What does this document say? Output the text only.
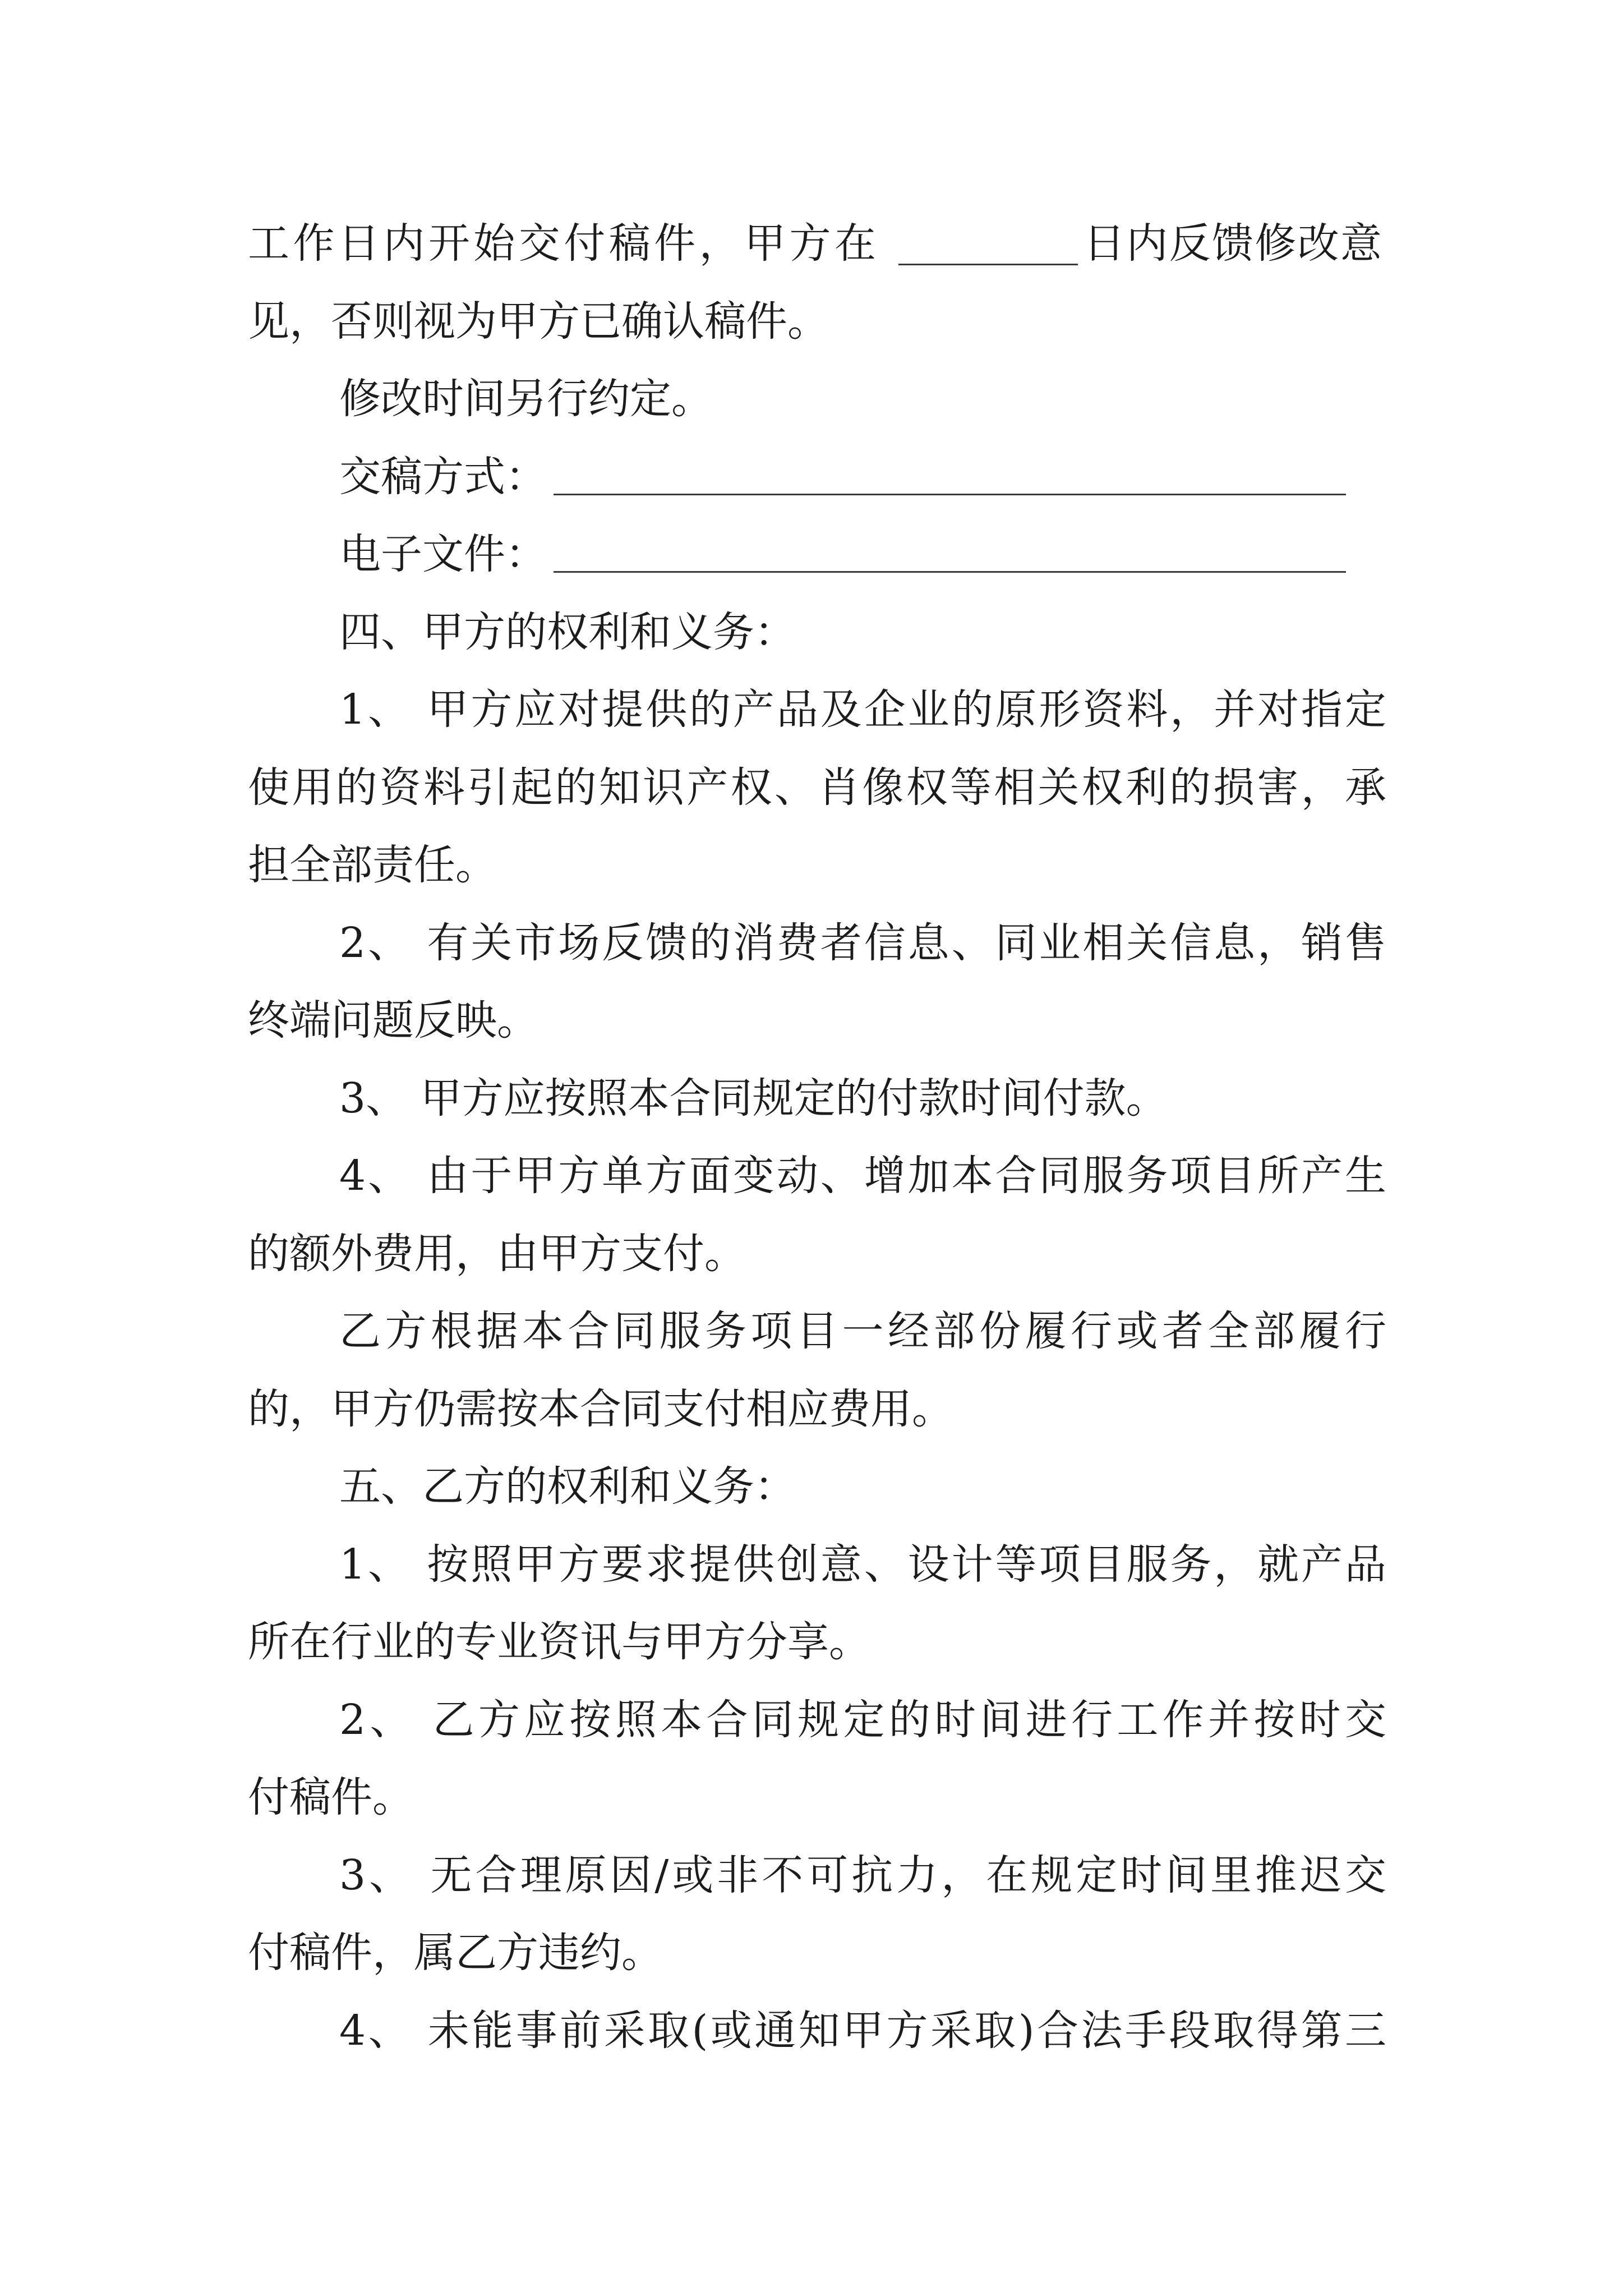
工作日内开始交付稿件，甲方在	日内反馈修改意
见，否则视为甲方已确认稿件。
修改时间另行约定。
交稿方式：
电子文件：
四、甲方的权利和义务：
1、 甲方应对提供的产品及企业的原形资料，并对指定
使用的资料引起的知识产权、肖像权等相关权利的损害，承
担全部责任。
2、 有关市场反馈的消费者信息、同业相关信息，销售
终端问题反映。
3、 甲方应按照本合同规定的付款时间付款。
4、 由于甲方单方面变动、增加本合同服务项目所产生
的额外费用，由甲方支付。
乙方根据本合同服务项目一经部份履行或者全部履行
的，甲方仍需按本合同支付相应费用。
五、乙方的权利和义务：
1、 按照甲方要求提供创意、设计等项目服务，就产品
所在行业的专业资讯与甲方分享。
2、 乙方应按照本合同规定的时间进行工作并按时交
付稿件。
3、 无合理原因/或非不可抗力，在规定时间里推迟交
付稿件，属乙方违约。
4、 未能事前采取(或通知甲方采取)合法手段取得第三
